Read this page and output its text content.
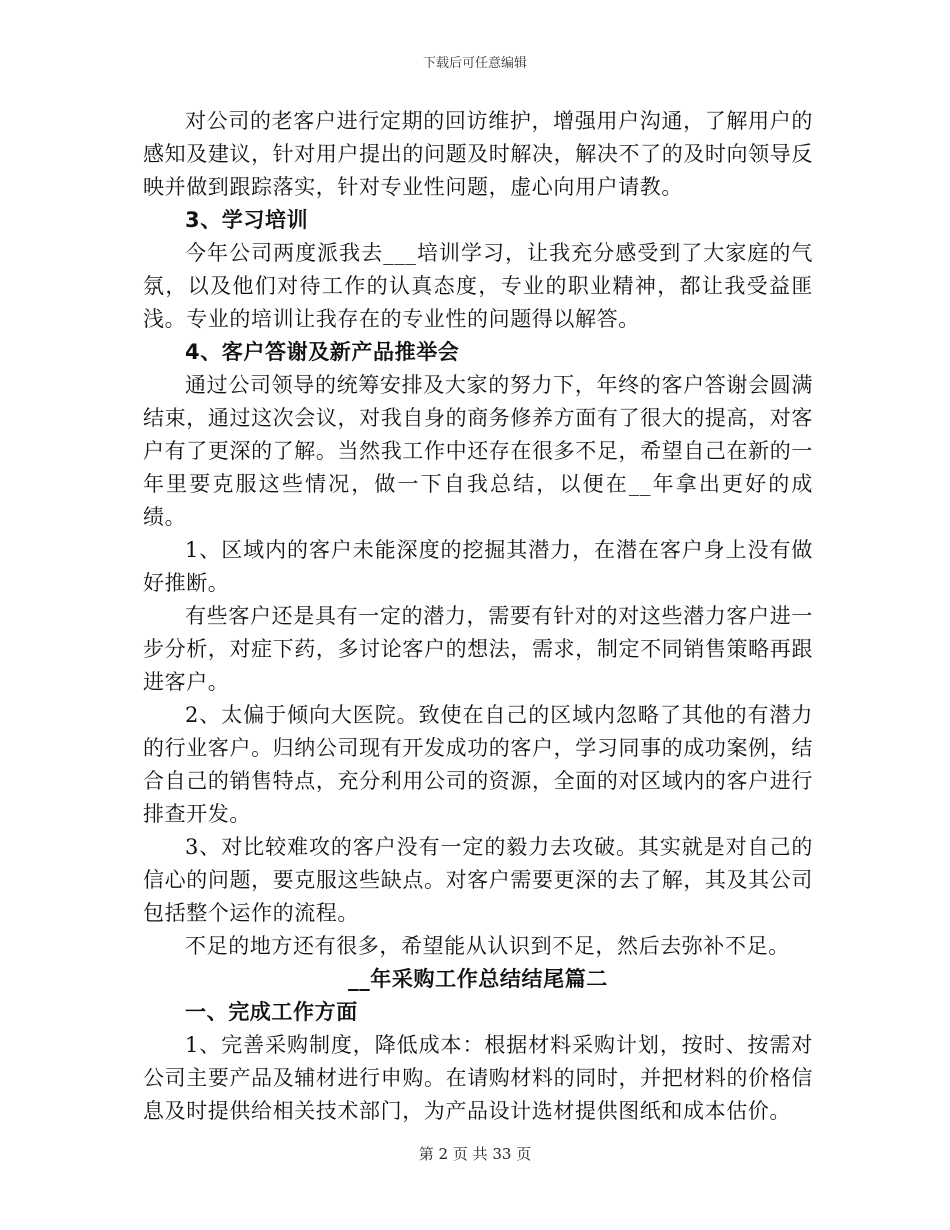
下载后可任意编辑

对公司的老客户进行定期的回访维护，增强用户沟通，了解用户的感知及建议，针对用户提出的问题及时解决，解决不了的及时向领导反映并做到跟踪落实，针对专业性问题，虚心向用户请教。

3、学习培训

今年公司两度派我去___培训学习，让我充分感受到了大家庭的气氛，以及他们对待工作的认真态度，专业的职业精神，都让我受益匪浅。专业的培训让我存在的专业性的问题得以解答。

4、客户答谢及新产品推举会

通过公司领导的统筹安排及大家的努力下，年终的客户答谢会圆满结束，通过这次会议，对我自身的商务修养方面有了很大的提高，对客户有了更深的了解。当然我工作中还存在很多不足，希望自己在新的一年里要克服这些情况，做一下自我总结，以便在__年拿出更好的成绩。

1、区域内的客户未能深度的挖掘其潜力，在潜在客户身上没有做好推断。

有些客户还是具有一定的潜力，需要有针对的对这些潜力客户进一步分析，对症下药，多讨论客户的想法，需求，制定不同销售策略再跟进客户。

2、太偏于倾向大医院。致使在自己的区域内忽略了其他的有潜力的行业客户。归纳公司现有开发成功的客户，学习同事的成功案例，结合自己的销售特点，充分利用公司的资源，全面的对区域内的客户进行排查开发。

3、对比较难攻的客户没有一定的毅力去攻破。其实就是对自己的信心的问题，要克服这些缺点。对客户需要更深的去了解，其及其公司包括整个运作的流程。

不足的地方还有很多，希望能从认识到不足，然后去弥补不足。

__年采购工作总结结尾篇二

一、完成工作方面

1、完善采购制度，降低成本：根据材料采购计划，按时、按需对公司主要产品及辅材进行申购。在请购材料的同时，并把材料的价格信息及时提供给相关技术部门，为产品设计选材提供图纸和成本估价。

第 2 页 共 33 页
